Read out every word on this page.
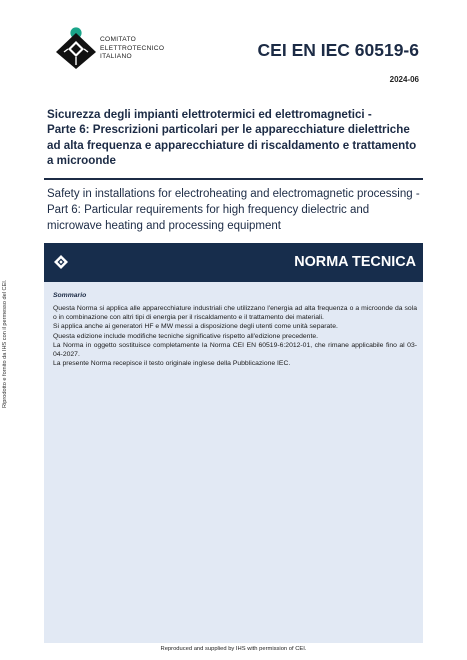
Riprodotto e fornito da IHS con il permesso del CEI.
COMITATO
ELETTROTECNICO
ITALIANO	CEI EN IEC 60519-6
2024-06
Sicurezza degli impianti elettrotermici ed elettromagnetici -
Parte 6: Prescrizioni particolari per le apparecchiature dielettriche
ad alta frequenza e apparecchiature di riscaldamento e trattamento
a microonde
Safety in installations for electroheating and electromagnetic processing -
Part 6: Particular requirements for high frequency dielectric and
microwave heating and processing equipment
NORMA TECNICA
Sommario

Questa Norma si applica alle apparecchiature industriali che utilizzano l'energia ad alta frequenza o a microonde da sola o in combinazione con altri tipi di energia per il riscaldamento e il trattamento dei materiali.

Si applica anche ai generatori HF e MW messi a disposizione degli utenti come unità separate.

Questa edizione include modifiche tecniche significative rispetto all'edizione precedente.

La Norma in oggetto sostituisce completamente la Norma CEI EN 60519-6:2012-01, che rimane applicabile fino al 03-04-2027.

La presente Norma recepisce il testo originale inglese della Pubblicazione IEC.

Reproduced and supplied by IHS with permission of CEI.
